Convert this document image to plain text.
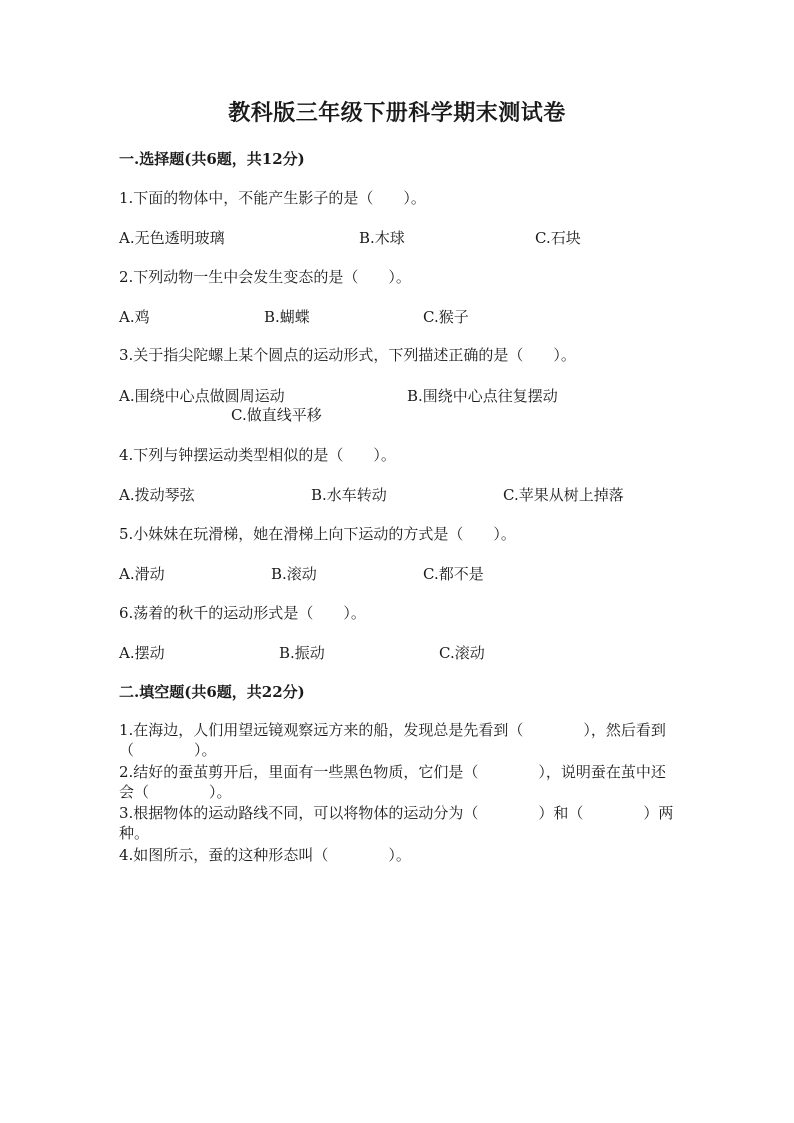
教科版三年级下册科学期末测试卷
一.选择题(共6题，共12分)
1.下面的物体中，不能产生影子的是（　　）。
A.无色透明玻璃	B.木球	C.石块
2.下列动物一生中会发生变态的是（　　）。
A.鸡	B.蝴蝶	C.猴子
3.关于指尖陀螺上某个圆点的运动形式，下列描述正确的是（　　）。
A.围绕中心点做圆周运动	B.围绕中心点往复摆动
C.做直线平移
4.下列与钟摆运动类型相似的是（　　）。
A.拨动琴弦	B.水车转动	C.苹果从树上掉落
5.小妹妹在玩滑梯，她在滑梯上向下运动的方式是（　　）。
A.滑动	B.滚动	C.都不是
6.荡着的秋千的运动形式是（　　）。
A.摆动	B.振动	C.滚动
二.填空题(共6题，共22分)
1.在海边，人们用望远镜观察远方来的船，发现总是先看到（　　　　），然后看到（　　　　）。
2.结好的蚕茧剪开后，里面有一些黑色物质，它们是（　　　　），说明蚕在茧中还会（　　　　）。
3.根据物体的运动路线不同，可以将物体的运动分为（　　　　）和（　　　　）两种。
4.如图所示，蚕的这种形态叫（　　　　）。
